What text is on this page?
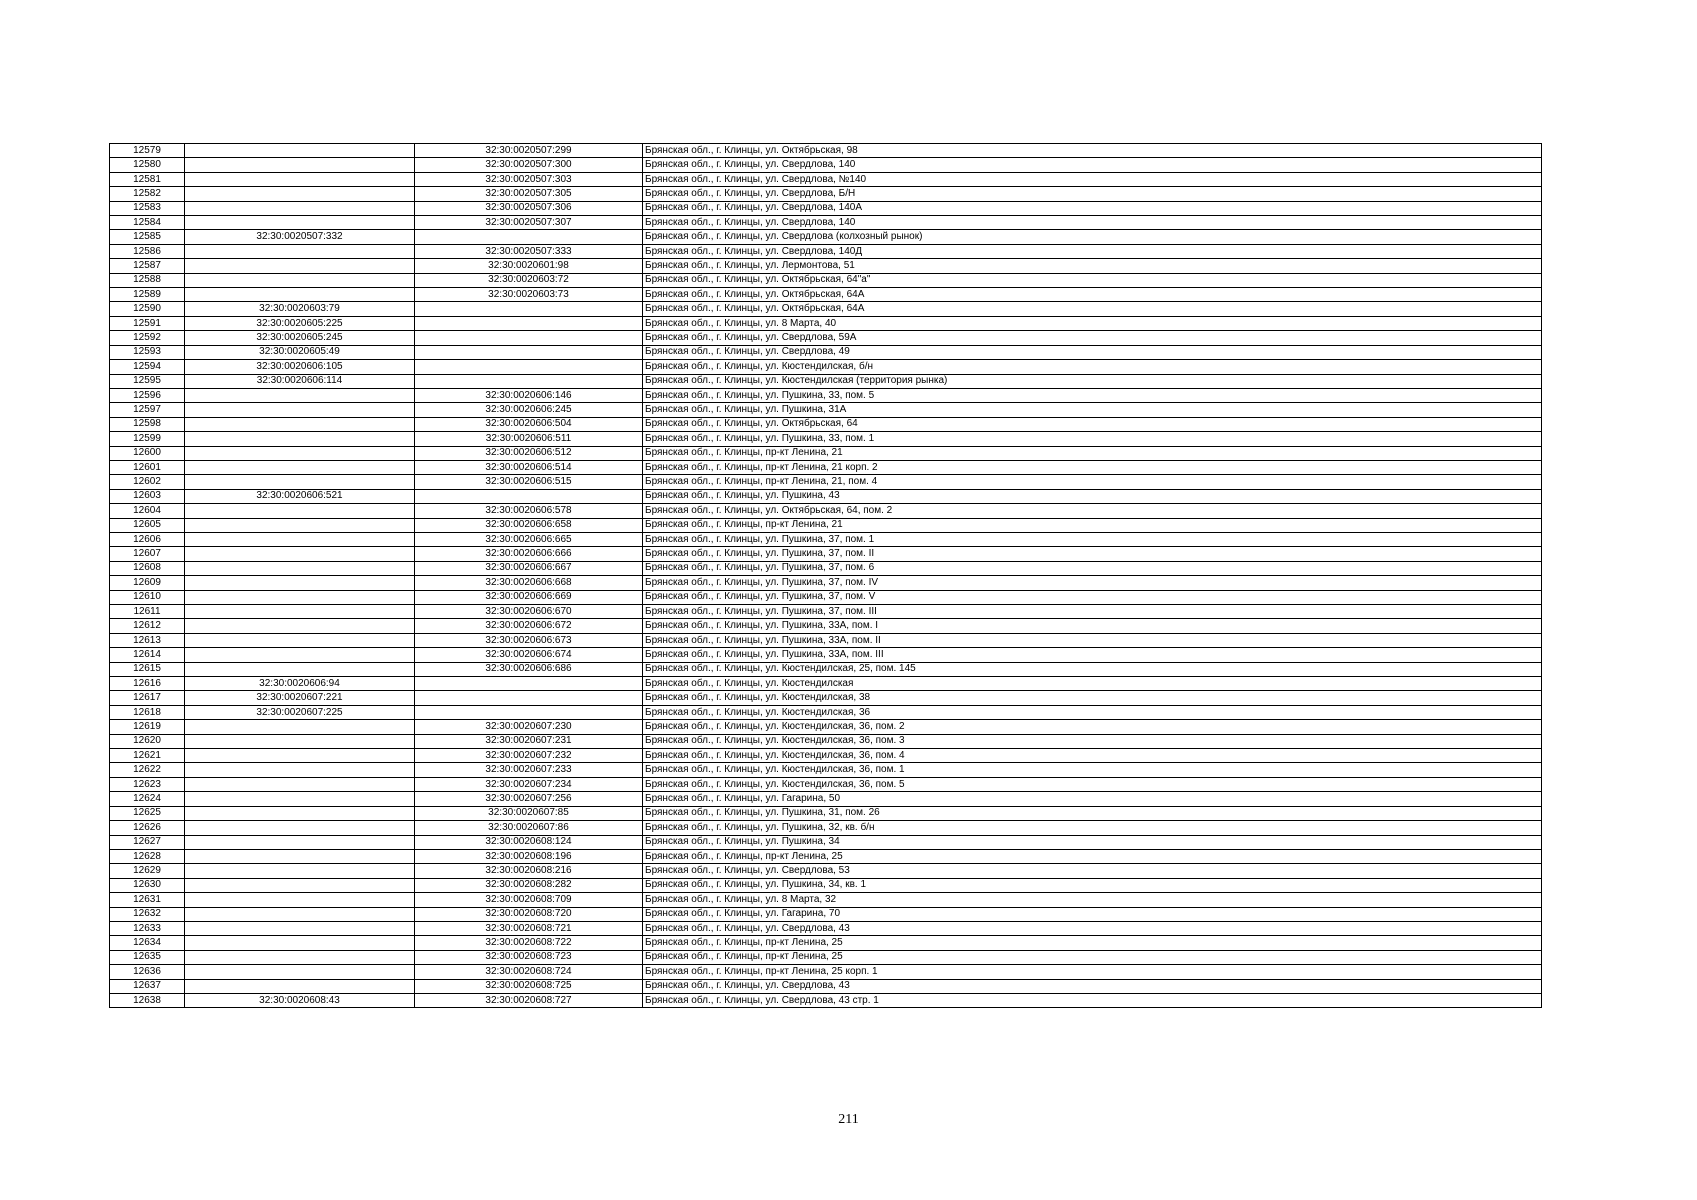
12579		32:30:0020507:299	Брянская обл., г. Клинцы, ул. Октябрьская, 98
12580		32:30:0020507:300	Брянская обл., г. Клинцы, ул. Свердлова, 140
12581		32:30:0020507:303	Брянская обл., г. Клинцы, ул. Свердлова, №140
12582		32:30:0020507:305	Брянская обл., г. Клинцы, ул. Свердлова, Б/Н
12583		32:30:0020507:306	Брянская обл., г. Клинцы, ул. Свердлова, 140А
12584		32:30:0020507:307	Брянская обл., г. Клинцы, ул. Свердлова, 140
12585	32:30:0020507:332		Брянская обл., г. Клинцы, ул. Свердлова (колхозный рынок)
12586		32:30:0020507:333	Брянская обл., г. Клинцы, ул. Свердлова, 140Д
12587		32:30:0020601:98	Брянская обл., г. Клинцы, ул. Лермонтова, 51
12588		32:30:0020603:72	Брянская обл., г. Клинцы, ул. Октябрьская, 64"а"
12589		32:30:0020603:73	Брянская обл., г. Клинцы, ул. Октябрьская, 64А
12590	32:30:0020603:79		Брянская обл., г. Клинцы, ул. Октябрьская, 64А
12591	32:30:0020605:225		Брянская обл., г. Клинцы, ул. 8 Марта, 40
12592	32:30:0020605:245		Брянская обл., г. Клинцы, ул. Свердлова, 59А
12593	32:30:0020605:49		Брянская обл., г. Клинцы, ул. Свердлова, 49
12594	32:30:0020606:105		Брянская обл., г. Клинцы, ул. Кюстендилская, б/н
12595	32:30:0020606:114		Брянская обл., г. Клинцы, ул. Кюстендилская (территория рынка)
12596		32:30:0020606:146	Брянская обл., г. Клинцы, ул. Пушкина, 33, пом. 5
12597		32:30:0020606:245	Брянская обл., г. Клинцы, ул. Пушкина, 31А
12598		32:30:0020606:504	Брянская обл., г. Клинцы, ул. Октябрьская, 64
12599		32:30:0020606:511	Брянская обл., г. Клинцы, ул. Пушкина, 33, пом. 1
12600		32:30:0020606:512	Брянская обл., г. Клинцы, пр-кт Ленина, 21
12601		32:30:0020606:514	Брянская обл., г. Клинцы, пр-кт Ленина, 21 корп. 2
12602		32:30:0020606:515	Брянская обл., г. Клинцы, пр-кт Ленина, 21, пом. 4
12603	32:30:0020606:521		Брянская обл., г. Клинцы, ул. Пушкина, 43
12604		32:30:0020606:578	Брянская обл., г. Клинцы, ул. Октябрьская, 64, пом. 2
12605		32:30:0020606:658	Брянская обл., г. Клинцы, пр-кт Ленина, 21
12606		32:30:0020606:665	Брянская обл., г. Клинцы, ул. Пушкина, 37, пом. 1
12607		32:30:0020606:666	Брянская обл., г. Клинцы, ул. Пушкина, 37, пом. II
12608		32:30:0020606:667	Брянская обл., г. Клинцы, ул. Пушкина, 37, пом. 6
12609		32:30:0020606:668	Брянская обл., г. Клинцы, ул. Пушкина, 37, пом. IV
12610		32:30:0020606:669	Брянская обл., г. Клинцы, ул. Пушкина, 37, пом. V
12611		32:30:0020606:670	Брянская обл., г. Клинцы, ул. Пушкина, 37, пом. III
12612		32:30:0020606:672	Брянская обл., г. Клинцы, ул. Пушкина, 33А, пом. I
12613		32:30:0020606:673	Брянская обл., г. Клинцы, ул. Пушкина, 33А, пом. II
12614		32:30:0020606:674	Брянская обл., г. Клинцы, ул. Пушкина, 33А, пом. III
12615		32:30:0020606:686	Брянская обл., г. Клинцы, ул. Кюстендилская, 25, пом. 145
12616	32:30:0020606:94		Брянская обл., г. Клинцы, ул. Кюстендилская
12617	32:30:0020607:221		Брянская обл., г. Клинцы, ул. Кюстендилская, 38
12618	32:30:0020607:225		Брянская обл., г. Клинцы, ул. Кюстендилская, 36
12619		32:30:0020607:230	Брянская обл., г. Клинцы, ул. Кюстендилская, 36, пом. 2
12620		32:30:0020607:231	Брянская обл., г. Клинцы, ул. Кюстендилская, 36, пом. 3
12621		32:30:0020607:232	Брянская обл., г. Клинцы, ул. Кюстендилская, 36, пом. 4
12622		32:30:0020607:233	Брянская обл., г. Клинцы, ул. Кюстендилская, 36, пом. 1
12623		32:30:0020607:234	Брянская обл., г. Клинцы, ул. Кюстендилская, 36, пом. 5
12624		32:30:0020607:256	Брянская обл., г. Клинцы, ул. Гагарина, 50
12625		32:30:0020607:85	Брянская обл., г. Клинцы, ул. Пушкина, 31, пом. 26
12626		32:30:0020607:86	Брянская обл., г. Клинцы, ул. Пушкина, 32, кв. б/н
12627		32:30:0020608:124	Брянская обл., г. Клинцы, ул. Пушкина, 34
12628		32:30:0020608:196	Брянская обл., г. Клинцы, пр-кт Ленина, 25
12629		32:30:0020608:216	Брянская обл., г. Клинцы, ул. Свердлова, 53
12630		32:30:0020608:282	Брянская обл., г. Клинцы, ул. Пушкина, 34, кв. 1
12631		32:30:0020608:709	Брянская обл., г. Клинцы, ул. 8 Марта, 32
12632		32:30:0020608:720	Брянская обл., г. Клинцы, ул. Гагарина, 70
12633		32:30:0020608:721	Брянская обл., г. Клинцы, ул. Свердлова, 43
12634		32:30:0020608:722	Брянская обл., г. Клинцы, пр-кт Ленина, 25
12635		32:30:0020608:723	Брянская обл., г. Клинцы, пр-кт Ленина, 25
12636		32:30:0020608:724	Брянская обл., г. Клинцы, пр-кт Ленина, 25 корп. 1
12637		32:30:0020608:725	Брянская обл., г. Клинцы, ул. Свердлова, 43
12638	32:30:0020608:43	32:30:0020608:727	Брянская обл., г. Клинцы, ул. Свердлова, 43 стр. 1
211
